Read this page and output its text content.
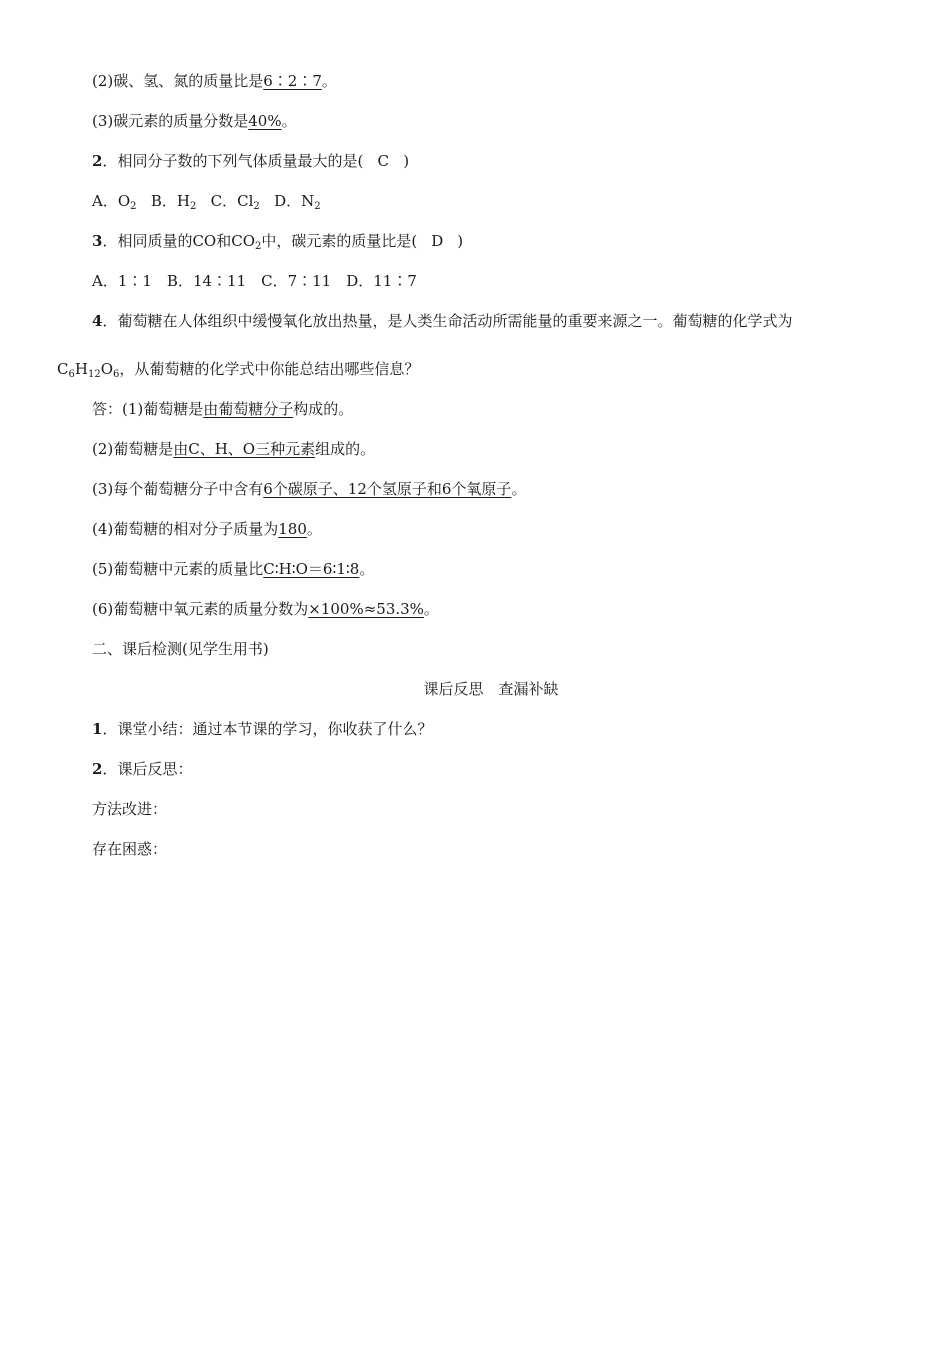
(2)碳、氢、氮的质量比是6∶2∶7。
(3)碳元素的质量分数是40%。
2．相同分子数的下列气体质量最大的是( C )
A．$O_2$ B．$H_2$ C．$Cl_2$ D．$N_2$
3．相同质量的CO和$CO_2$中，碳元素的质量比是( D )
A．1∶1　B．14∶11　C．7∶11　D．11∶7
4．葡萄糖在人体组织中缓慢氧化放出热量，是人类生命活动所需能量的重要来源之一。葡萄糖的化学式为
$C_6H_{12}O_6$，从葡萄糖的化学式中你能总结出哪些信息？
答：(1)葡萄糖是由葡萄糖分子构成的。
(2)葡萄糖是由C、H、O三种元素组成的。
(3)每个葡萄糖分子中含有6个碳原子、12个氢原子和6个氧原子。
(4)葡萄糖的相对分子质量为180。
(5)葡萄糖中元素的质量比C∶H∶O＝6∶1∶8。
(6)葡萄糖中氧元素的质量分数为×100%≈53.3%。
二、课后检测(见学生用书)
课后反思　查漏补缺
1．课堂小结：通过本节课的学习，你收获了什么？
2．课后反思：
方法改进：
存在困惑：
